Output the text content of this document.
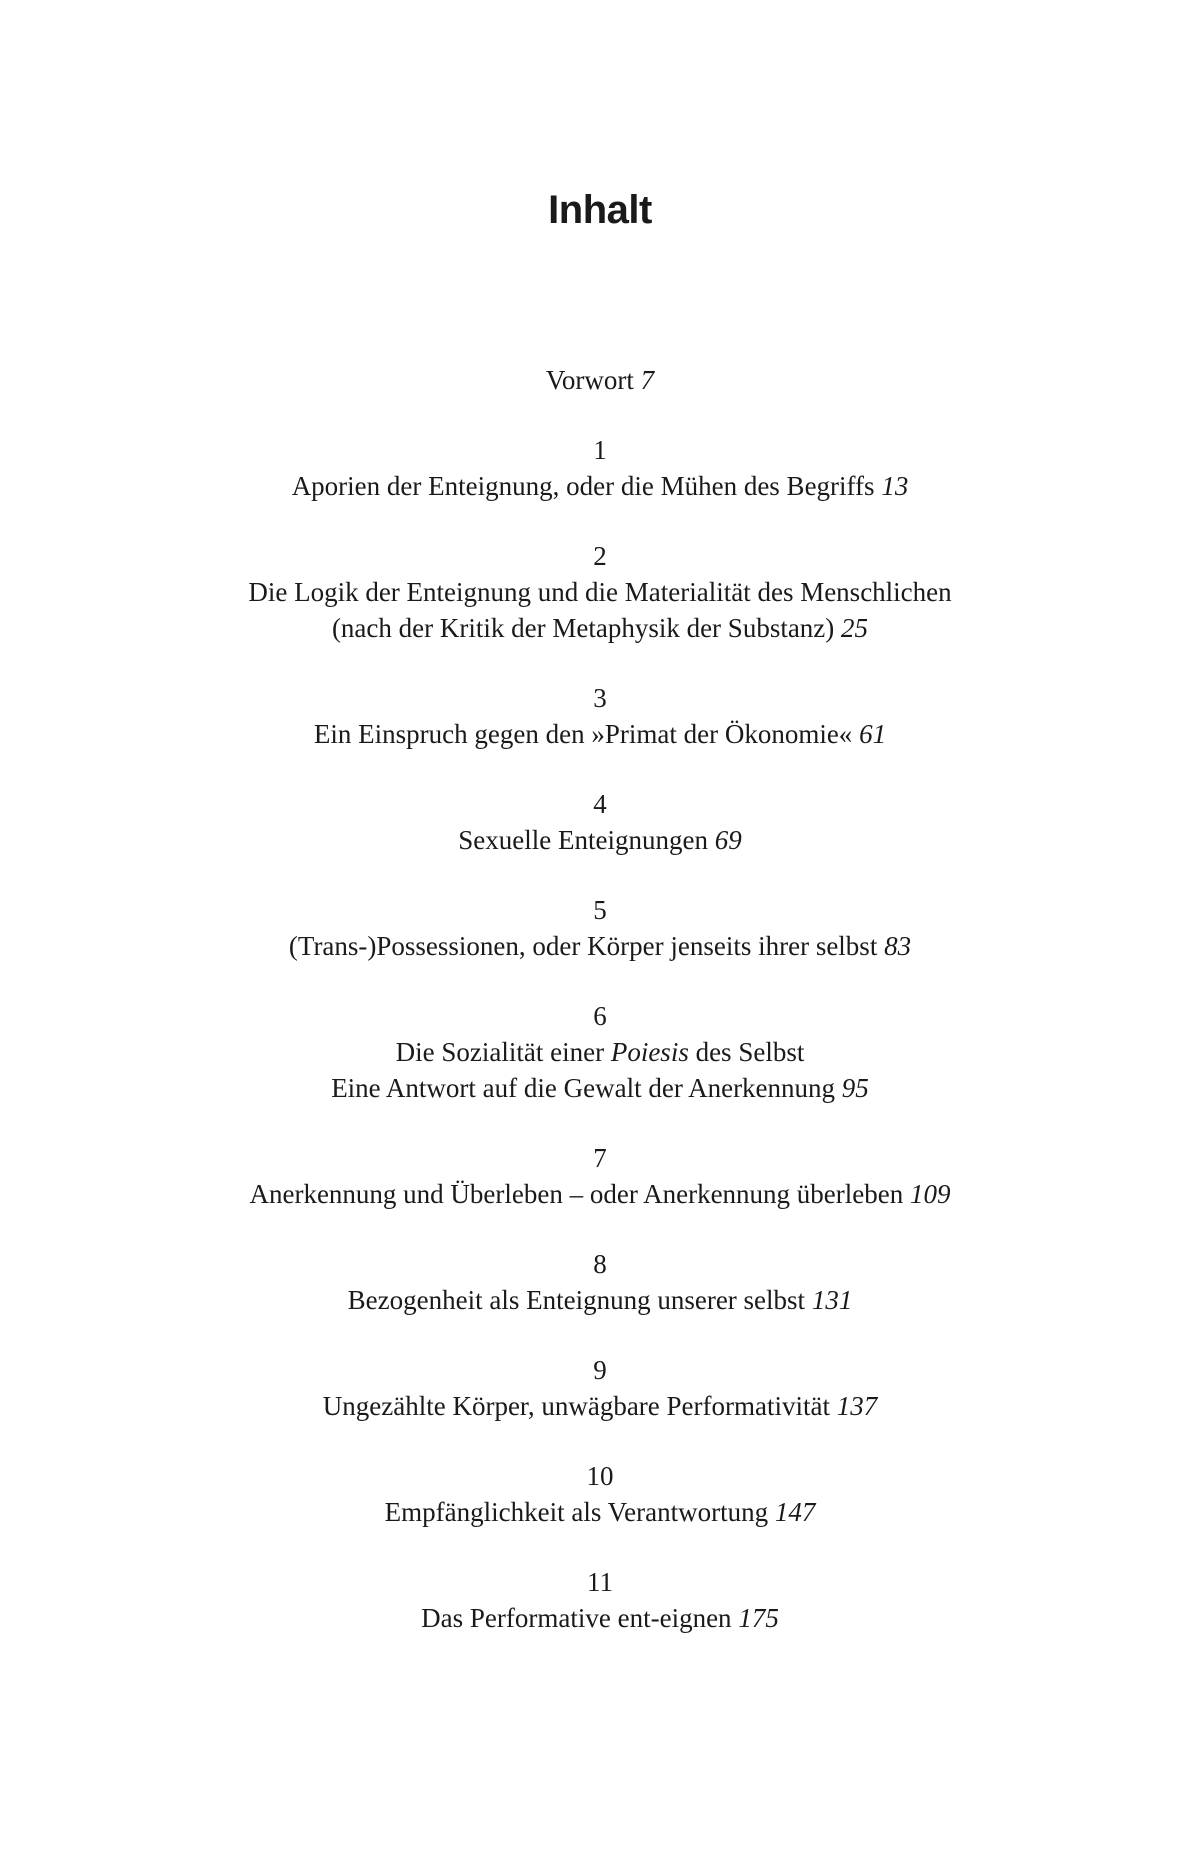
Inhalt
Vorwort 7
1
Aporien der Enteignung, oder die Mühen des Begriffs 13
2
Die Logik der Enteignung und die Materialität des Menschlichen
(nach der Kritik der Metaphysik der Substanz) 25
3
Ein Einspruch gegen den »Primat der Ökonomie« 61
4
Sexuelle Enteignungen 69
5
(Trans-)Possessionen, oder Körper jenseits ihrer selbst 83
6
Die Sozialität einer Poiesis des Selbst
Eine Antwort auf die Gewalt der Anerkennung 95
7
Anerkennung und Überleben – oder Anerkennung überleben 109
8
Bezogenheit als Enteignung unserer selbst 131
9
Ungezählte Körper, unwägbare Performativität 137
10
Empfänglichkeit als Verantwortung 147
11
Das Performative ent-eignen 175
